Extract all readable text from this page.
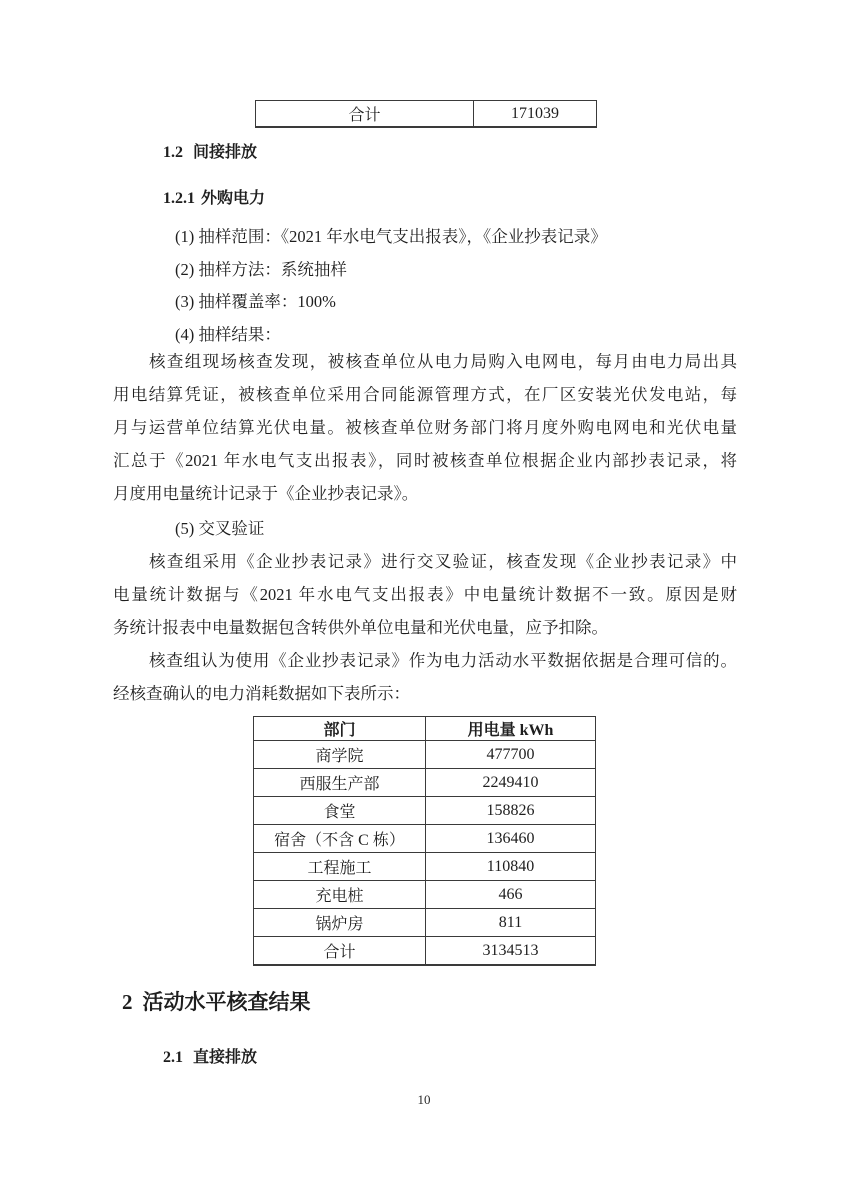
合计	171039
1.2 间接排放
1.2.1 外购电力
(1) 抽样范围：《2021 年水电气支出报表》，《企业抄表记录》
(2) 抽样方法：系统抽样
(3) 抽样覆盖率：100%
(4) 抽样结果：
核查组现场核查发现，被核查单位从电力局购入电网电，每月由电力局出具
用电结算凭证，被核查单位采用合同能源管理方式，在厂区安装光伏发电站，每
月与运营单位结算光伏电量。被核查单位财务部门将月度外购电网电和光伏电量
汇总于《2021 年水电气支出报表》，同时被核查单位根据企业内部抄表记录，将
月度用电量统计记录于《企业抄表记录》。
(5) 交叉验证
核查组采用《企业抄表记录》进行交叉验证，核查发现《企业抄表记录》中
电量统计数据与《2021 年水电气支出报表》中电量统计数据不一致。原因是财
务统计报表中电量数据包含转供外单位电量和光伏电量，应予扣除。
核查组认为使用《企业抄表记录》作为电力活动水平数据依据是合理可信的。
经核查确认的电力消耗数据如下表所示：
部门	用电量 kWh
商学院	477700
西服生产部	2249410
食堂	158826
宿舍（不含 C 栋）	136460
工程施工	110840
充电桩	466
锅炉房	811
合计	3134513
2 活动水平核查结果
2.1 直接排放
10
